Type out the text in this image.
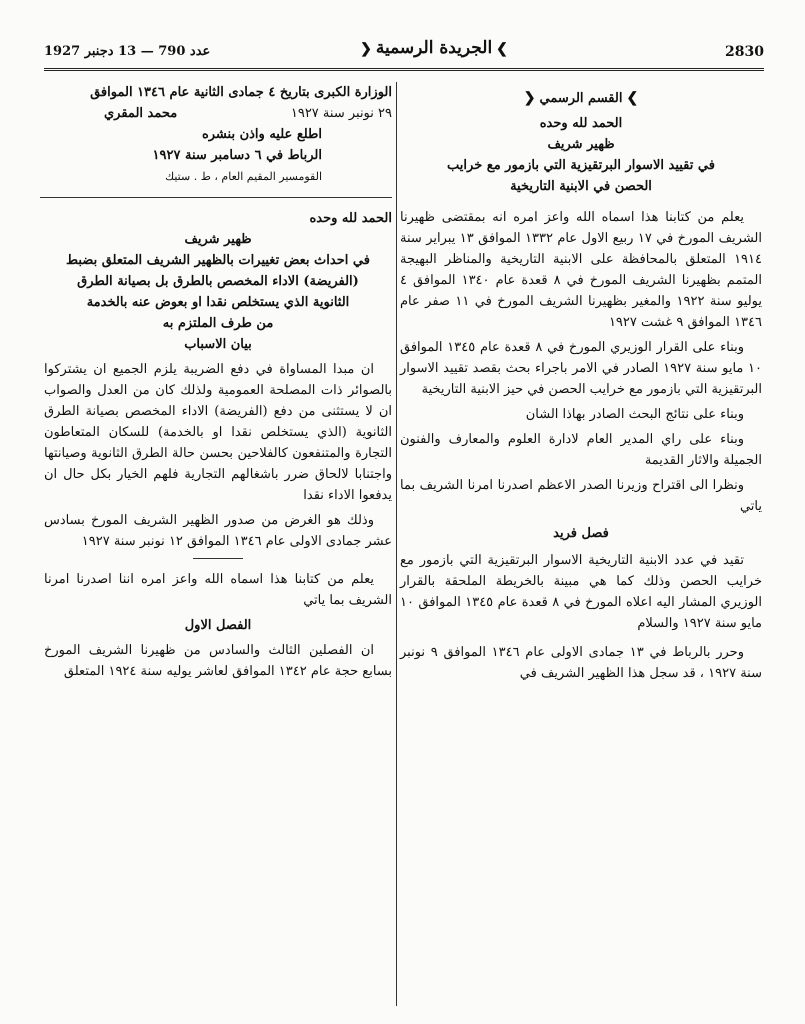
عدد 790 — 13 دجنبر 1927	❯ الجريدة الرسمية ❮	2830
❯القسم الرسمي❮

الحمد لله وحده

ظهير شريف

في تقييد الاسوار البرتقيزية التي بازمور مع خرايب

الحصن في الابنية التاريخية

يعلم من كتابنا هذا اسماه الله واعز امره انه بمقتضى ظهيرنا الشريف المورخ في ١٧ ربيع الاول عام ١٣٣٢ الموافق ١٣ يبراير سنة ١٩١٤ المتعلق بالمحافظة على الابنية التاريخية والمناظر البهيجة المتمم بظهيرنا الشريف المورخ في ٨ قعدة عام ١٣٤٠ الموافق ٤ يوليو سنة ١٩٢٢ والمغير بظهيرنا الشريف المورخ في ١١ صفر عام ١٣٤٦ الموافق ٩ غشت ١٩٢٧

وبناء على القرار الوزيري المورخ في ٨ قعدة عام ١٣٤٥ الموافق ١٠ مايو سنة ١٩٢٧ الصادر في الامر باجراء بحث بقصد تقييد الاسوار البرتقيزية التي بازمور مع خرايب الحصن في حيز الابنية التاريخية

وبناء على نتائج البحث الصادر بهاذا الشان

وبناء على راي المدير العام لادارة العلوم والمعارف والفنون الجميلة والاثار القديمة

ونظرا الى اقتراح وزيرنا الصدر الاعظم اصدرنا امرنا الشريف بما ياتي

فصل فريد

تقيد في عدد الابنية التاريخية الاسوار البرتقيزية التي بازمور مع خرايب الحصن وذلك كما هي مبينة بالخريطة الملحقة بالقرار الوزيري المشار اليه اعلاه المورخ في ٨ قعدة عام ١٣٤٥ الموافق ١٠ مايو سنة ١٩٢٧ والسلام

وحرر بالرباط في ١٣ جمادى الاولى عام ١٣٤٦ الموافق ٩ نونبر سنة ١٩٢٧ ، قد سجل هذا الظهير الشريف في

الوزارة الكبرى بتاريخ ٤ جمادى الثانية عام ١٣٤٦ الموافق

٢٩ نونبر سنة ١٩٢٧
محمد المقري

اطلع عليه واذن بنشره

الرباط في ٦ دسامبر سنة ١٩٢٧

القومسير المقيم العام ، ط . ستيك

الحمد لله وحده

ظهير شريف

في احداث بعض تغييرات بالظهير الشريف المتعلق بضبط

(الفريضة) الاداء المخصص بالطرق بل بصيانة الطرق

الثانوية الذي يستخلص نقدا او بعوض عنه بالخدمة

من طرف الملتزم به

بيان الاسباب

ان مبدا المساواة في دفع الضريبة يلزم الجميع ان يشتركوا بالصوائر ذات المصلحة العمومية ولذلك كان من العدل والصواب ان لا يستثنى من دفع (الفريضة) الاداء المخصص بصيانة الطرق الثانوية (الذي يستخلص نقدا او بالخدمة) للسكان المتعاطون التجارة والمتنفعون كالفلاحين بحسن حالة الطرق الثانوية وصيانتها واجتنابا لالحاق ضرر باشغالهم التجارية فلهم الخيار بكل حال ان يدفعوا الاداء نقدا

وذلك هو الغرض من صدور الظهير الشريف المورخ بسادس عشر جمادى الاولى عام ١٣٤٦ الموافق ١٢ نونبر سنة ١٩٢٧

يعلم من كتابنا هذا اسماه الله واعز امره اننا اصدرنا امرنا الشريف بما ياتي

الفصل الاول

ان الفصلين الثالث والسادس من ظهيرنا الشريف المورخ بسابع حجة عام ١٣٤٢ الموافق لعاشر يوليه سنة ١٩٢٤ المتعلق
